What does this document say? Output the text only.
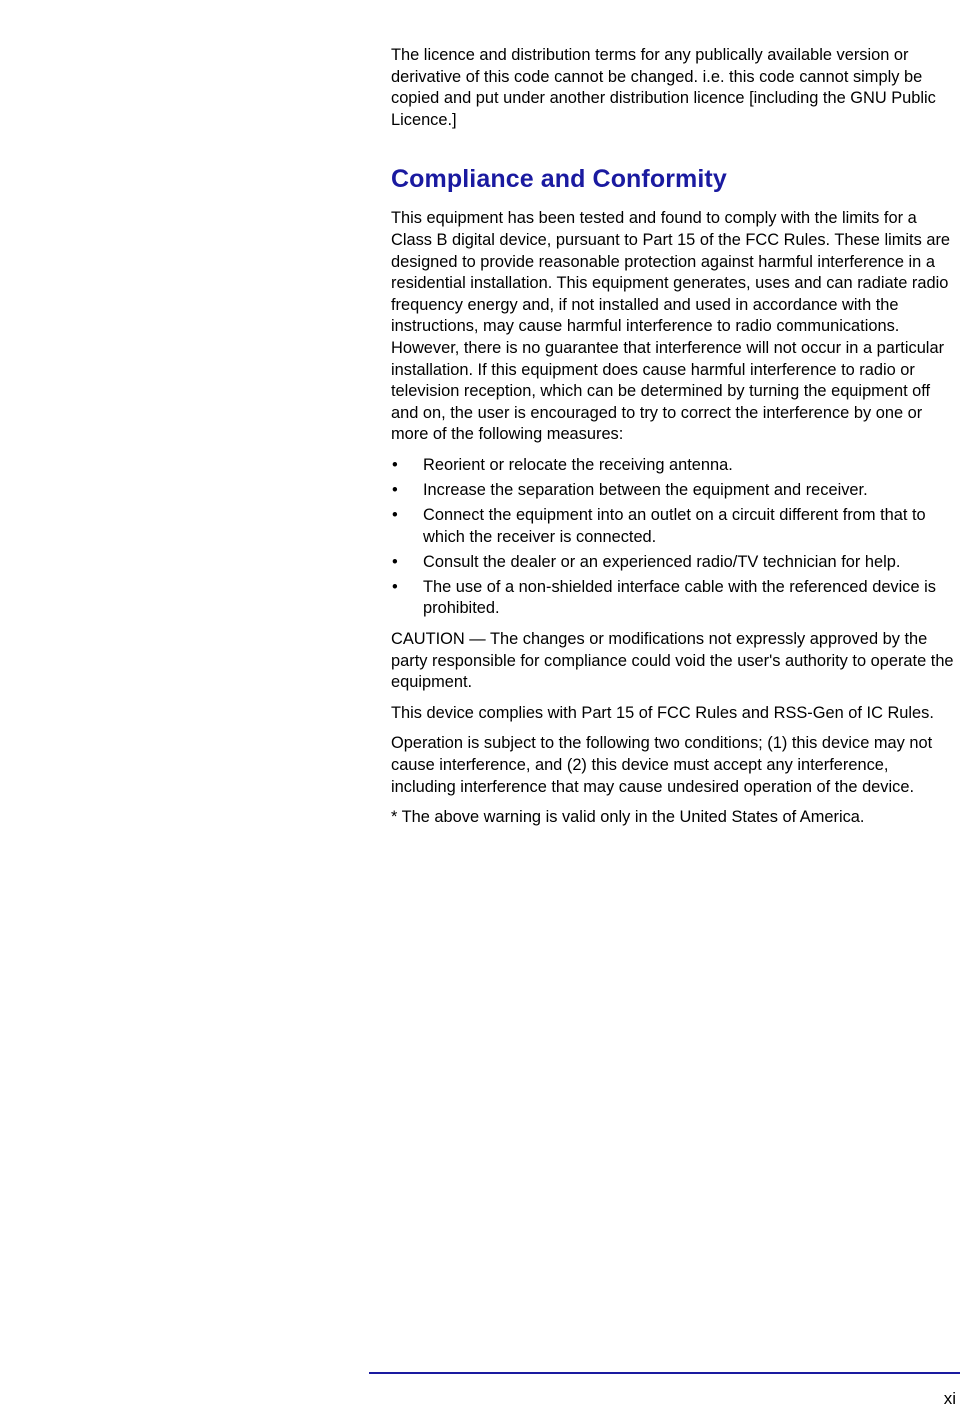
The licence and distribution terms for any publically available version or derivative of this code cannot be changed. i.e. this code cannot simply be copied and put under another distribution licence [including the GNU Public Licence.]

Compliance and Conformity

This equipment has been tested and found to comply with the limits for a Class B digital device, pursuant to Part 15 of the FCC Rules. These limits are designed to provide reasonable protection against harmful interference in a residential installation. This equipment generates, uses and can radiate radio frequency energy and, if not installed and used in accordance with the instructions, may cause harmful interference to radio communications. However, there is no guarantee that interference will not occur in a particular installation. If this equipment does cause harmful interference to radio or television reception, which can be determined by turning the equipment off and on, the user is encouraged to try to correct the interference by one or more of the following measures:

• Reorient or relocate the receiving antenna.
• Increase the separation between the equipment and receiver.
• Connect the equipment into an outlet on a circuit different from that to which the receiver is connected.
• Consult the dealer or an experienced radio/TV technician for help.
• The use of a non-shielded interface cable with the referenced device is prohibited.

CAUTION — The changes or modifications not expressly approved by the party responsible for compliance could void the user's authority to operate the equipment.

This device complies with Part 15 of FCC Rules and RSS-Gen of IC Rules.

Operation is subject to the following two conditions; (1) this device may not cause interference, and (2) this device must accept any interference, including interference that may cause undesired operation of the device.

* The above warning is valid only in the United States of America.

xi
